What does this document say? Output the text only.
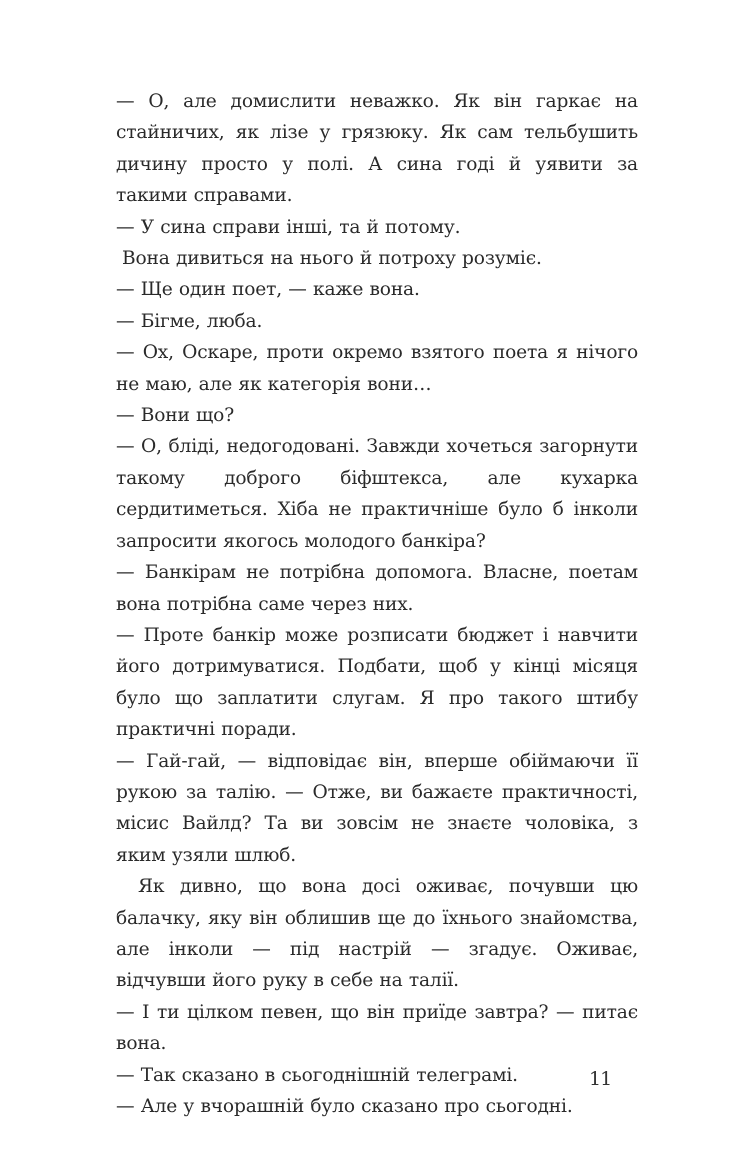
— О, але домислити неважко. Як він гаркає на стайничих, як лізе у грязюку. Як сам тельбушить дичину просто у полі. А сина годі й уявити за такими справами.

— У сина справи інші, та й потому.

Вона дивиться на нього й потроху розуміє.

— Ще один поет, — каже вона.

— Бігме, люба.

— Ох, Оскаре, проти окремо взятого поета я нічого не маю, але як категорія вони…

— Вони що?

— О, бліді, недогодовані. Завжди хочеться загорнути такому доброго біфштекса, але кухарка сердитиметься. Хіба не практичніше було б інколи запросити якогось молодого банкіра?

— Банкірам не потрібна допомога. Власне, поетам вона потрібна саме через них.

— Проте банкір може розписати бюджет і навчити його дотримуватися. Подбати, щоб у кінці місяця було що заплатити слугам. Я про такого штибу практичні поради.

— Гай-гай, — відповідає він, вперше обіймаючи її рукою за талію. — Отже, ви бажаєте практичності, місис Вайлд? Та ви зовсім не знаєте чоловіка, з яким узяли шлюб.

Як дивно, що вона досі оживає, почувши цю балачку, яку він облишив ще до їхнього знайомства, але інколи — під настрій — згадує. Оживає, відчувши його руку в себе на талії.

— І ти цілком певен, що він приїде завтра? — питає вона.

— Так сказано в сьогоднішній телеграмі.

— Але у вчорашній було сказано про сьогодні.

11
